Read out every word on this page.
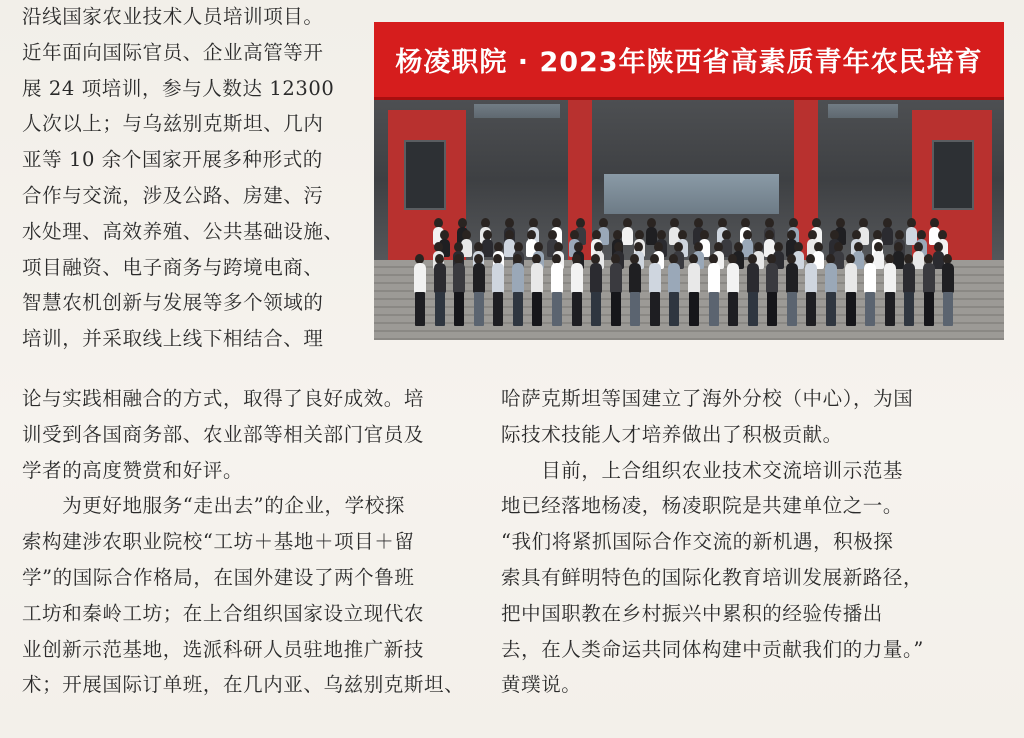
沿线国家农业技术人员培训项目。
近年面向国际官员、企业高管等开
展 24 项培训，参与人数达 12300
人次以上；与乌兹别克斯坦、几内
亚等 10 余个国家开展多种形式的
合作与交流，涉及公路、房建、污
水处理、高效养殖、公共基础设施、
项目融资、电子商务与跨境电商、
智慧农机创新与发展等多个领域的
培训，并采取线上线下相结合、理
杨凌职院 · 2023年陕西省高素质青年农民培育
论与实践相融合的方式，取得了良好成效。培
训受到各国商务部、农业部等相关部门官员及
学者的高度赞赏和好评。
　　为更好地服务“走出去”的企业，学校探
索构建涉农职业院校“工坊＋基地＋项目＋留
学”的国际合作格局，在国外建设了两个鲁班
工坊和秦岭工坊；在上合组织国家设立现代农
业创新示范基地，选派科研人员驻地推广新技
术；开展国际订单班，在几内亚、乌兹别克斯坦、
哈萨克斯坦等国建立了海外分校（中心），为国
际技术技能人才培养做出了积极贡献。
　　目前，上合组织农业技术交流培训示范基
地已经落地杨凌，杨凌职院是共建单位之一。
“我们将紧抓国际合作交流的新机遇，积极探
索具有鲜明特色的国际化教育培训发展新路径，
把中国职教在乡村振兴中累积的经验传播出
去，在人类命运共同体构建中贡献我们的力量。”
黄璞说。
